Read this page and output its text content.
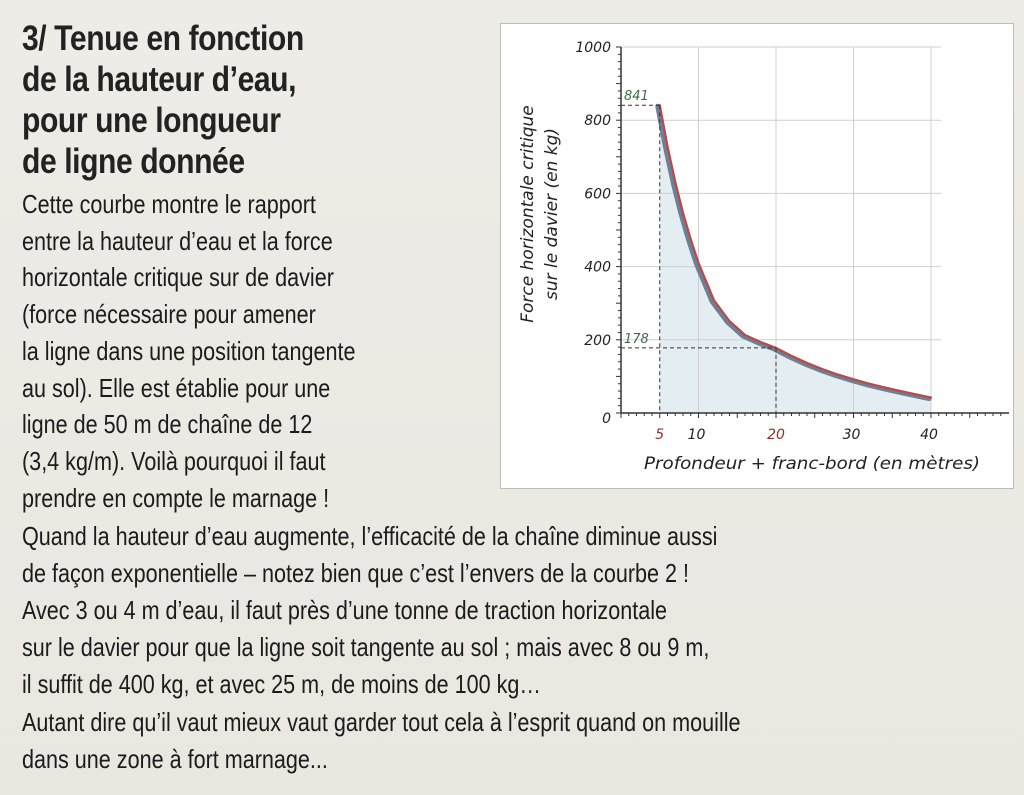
3/ Tenue en fonction
de la hauteur d’eau,
pour une longueur
de ligne donnée
Cette courbe montre le rapport
entre la hauteur d’eau et la force
horizontale critique sur de davier
(force nécessaire pour amener
la ligne dans une position tangente
au sol). Elle est établie pour une
ligne de 50 m de chaîne de 12
(3,4 kg/m). Voilà pourquoi il faut
prendre en compte le marnage !
Quand la hauteur d’eau augmente, l’efficacité de la chaîne diminue aussi
de façon exponentielle – notez bien que c’est l’envers de la courbe 2 !
Avec 3 ou 4 m d’eau, il faut près d’une tonne de traction horizontale
sur le davier pour que la ligne soit tangente au sol ; mais avec 8 ou 9 m,
il suffit de 400 kg, et avec 25 m, de moins de 100 kg…
Autant dire qu’il vaut mieux vaut garder tout cela à l’esprit quand on mouille
dans une zone à fort marnage...
841
178
0
200
400
600
800
1000
10	30	40
5	20
Profondeur + franc-bord (en mètres)
Force horizontale critique sur le davier (en kg)
